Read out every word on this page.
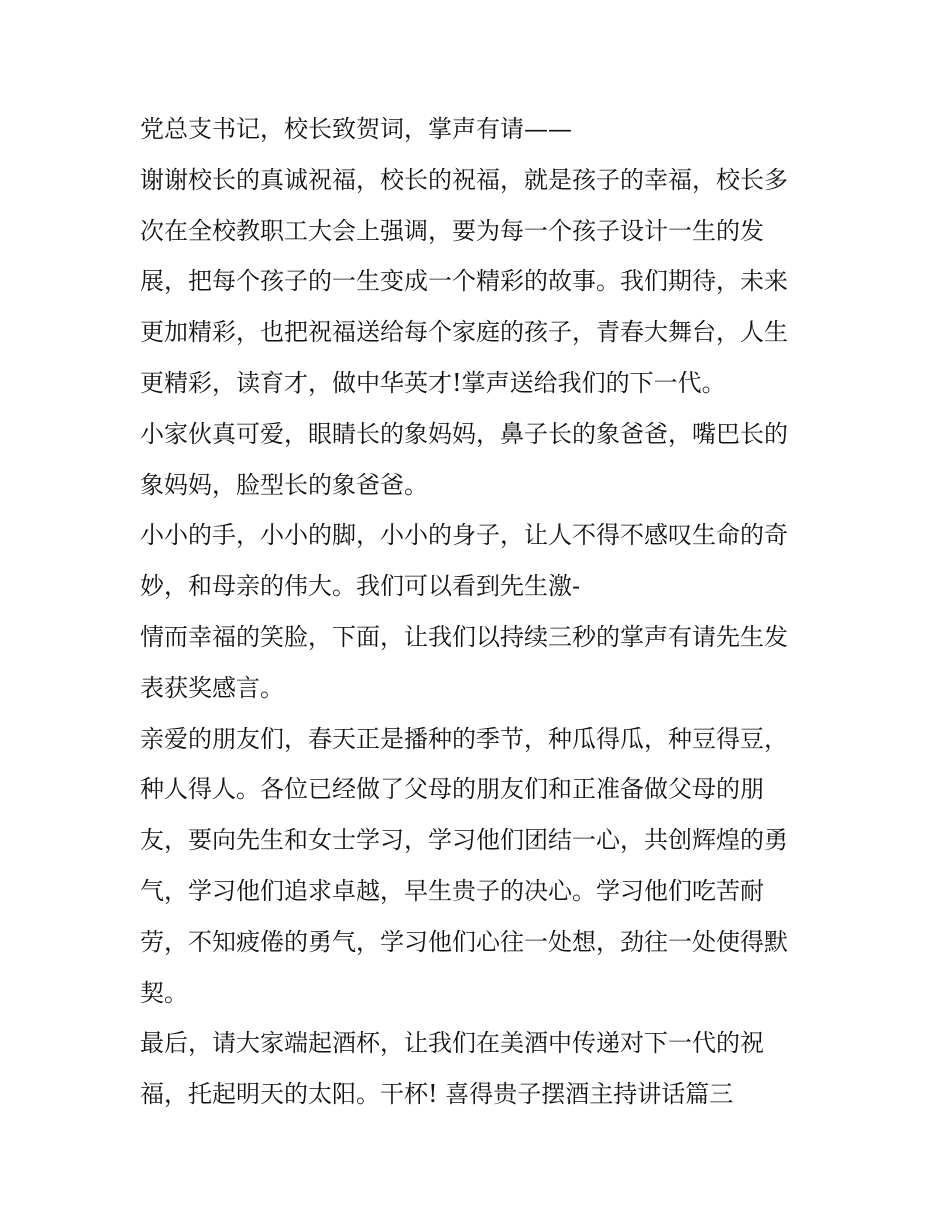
党总支书记，校长致贺词，掌声有请——
谢谢校长的真诚祝福，校长的祝福，就是孩子的幸福，校长多
次在全校教职工大会上强调，要为每一个孩子设计一生的发
展，把每个孩子的一生变成一个精彩的故事。我们期待，未来
更加精彩，也把祝福送给每个家庭的孩子，青春大舞台，人生
更精彩，读育才，做中华英才!掌声送给我们的下一代。
小家伙真可爱，眼睛长的象妈妈，鼻子长的象爸爸，嘴巴长的
象妈妈，脸型长的象爸爸。
小小的手，小小的脚，小小的身子，让人不得不感叹生命的奇
妙，和母亲的伟大。我们可以看到先生激-
情而幸福的笑脸，下面，让我们以持续三秒的掌声有请先生发
表获奖感言。
亲爱的朋友们，春天正是播种的季节，种瓜得瓜，种豆得豆，
种人得人。各位已经做了父母的朋友们和正准备做父母的朋
友，要向先生和女士学习，学习他们团结一心，共创辉煌的勇
气，学习他们追求卓越，早生贵子的决心。学习他们吃苦耐
劳，不知疲倦的勇气，学习他们心往一处想，劲往一处使得默
契。
最后，请大家端起酒杯，让我们在美酒中传递对下一代的祝
福，托起明天的太阳。干杯! 喜得贵子摆酒主持讲话篇三
